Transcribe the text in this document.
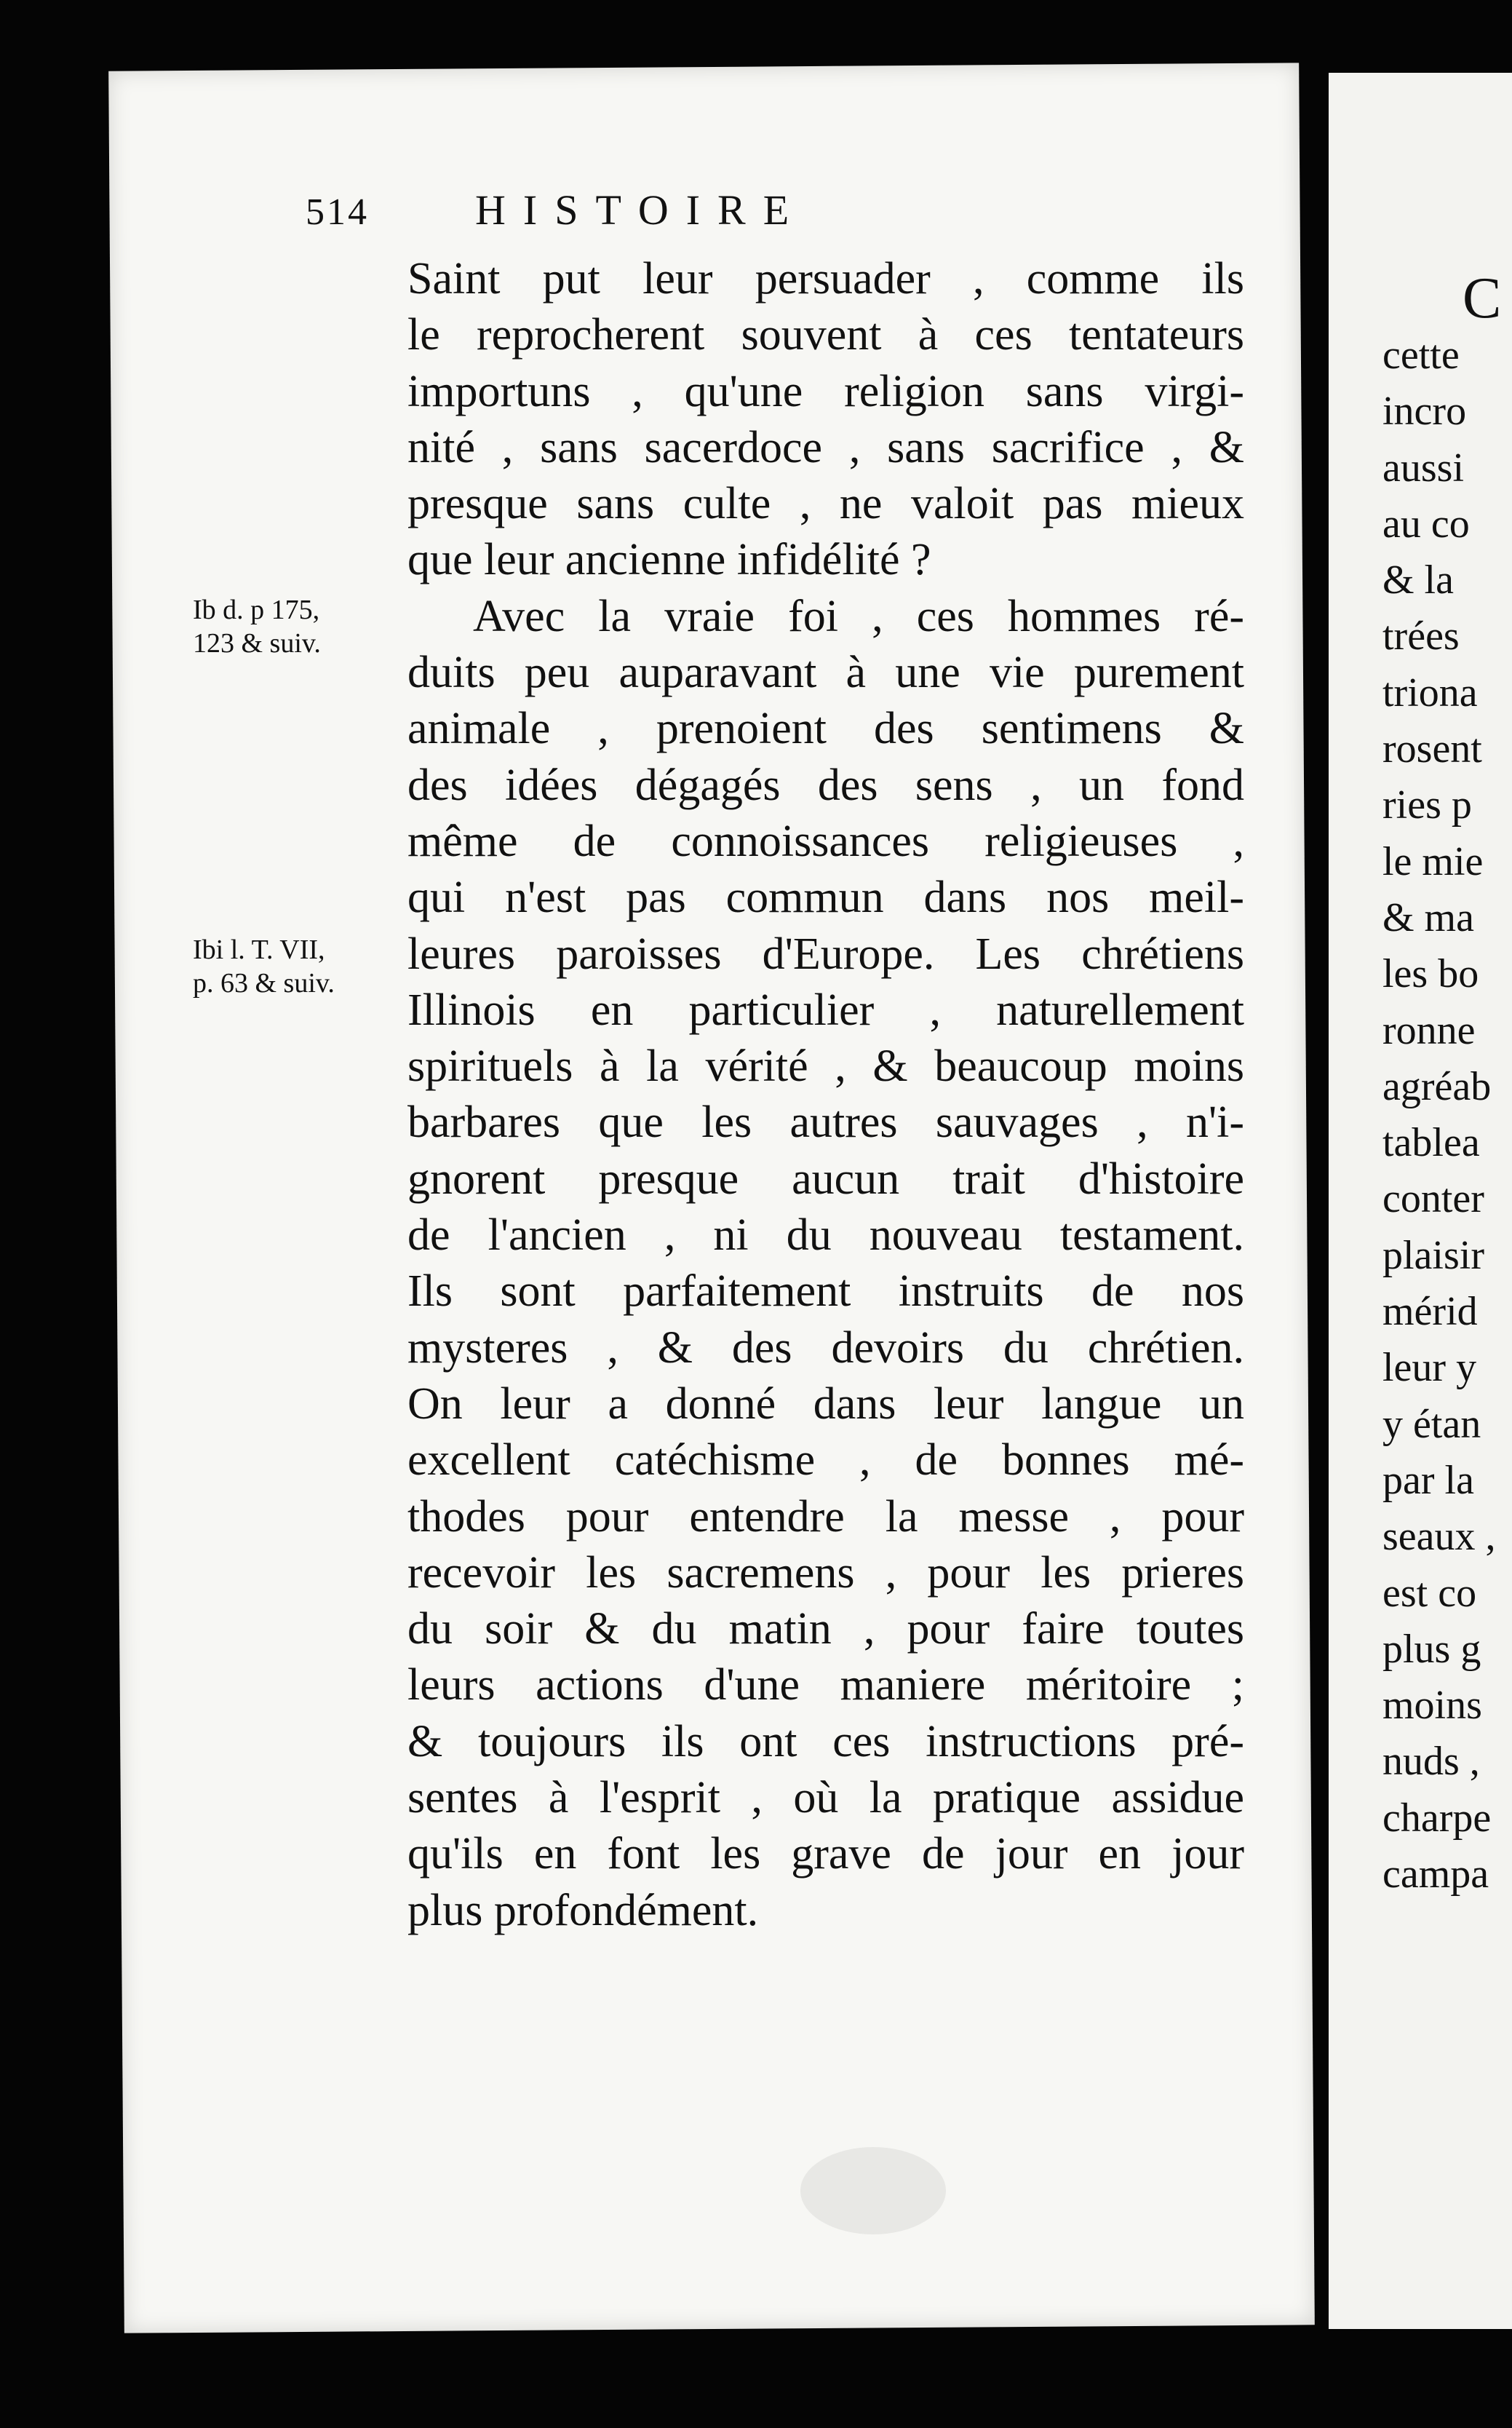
514	HISTOIRE
Saint put leur persuader , comme ils
le reprocherent souvent à ces tentateurs
importuns , qu'une religion sans virgi-
nité , sans sacerdoce , sans sacrifice , &
presque sans culte , ne valoit pas mieux
que leur ancienne infidélité ?
Avec la vraie foi , ces hommes ré-
duits peu auparavant à une vie purement
animale , prenoient des sentimens &
des idées dégagés des sens , un fond
même de connoissances religieuses ,
qui n'est pas commun dans nos meil-
leures paroisses d'Europe. Les chrétiens
Illinois en particulier , naturellement
spirituels à la vérité , & beaucoup moins
barbares que les autres sauvages , n'i-
gnorent presque aucun trait d'histoire
de l'ancien , ni du nouveau testament.
Ils sont parfaitement instruits de nos
mysteres , & des devoirs du chrétien.
On leur a donné dans leur langue un
excellent catéchisme , de bonnes mé-
thodes pour entendre la messe , pour
recevoir les sacremens , pour les prieres
du soir & du matin , pour faire toutes
leurs actions d'une maniere méritoire ;
& toujours ils ont ces instructions pré-
sentes à l'esprit , où la pratique assidue
qu'ils en font les grave de jour en jour
plus profondément.
Ib d. p 175,
123 & suiv.
Ibi l. T. VII,
p. 63 & suiv.
C
cette
incro
aussi
au co
& la
trées
triona
rosent
ries p
le mie
& ma
les bo
ronne
agréab
tablea
conter
plaisir
mérid
leur y
y étan
par la
seaux ,
est co
plus g
moins
nuds ,
charpe
campa
